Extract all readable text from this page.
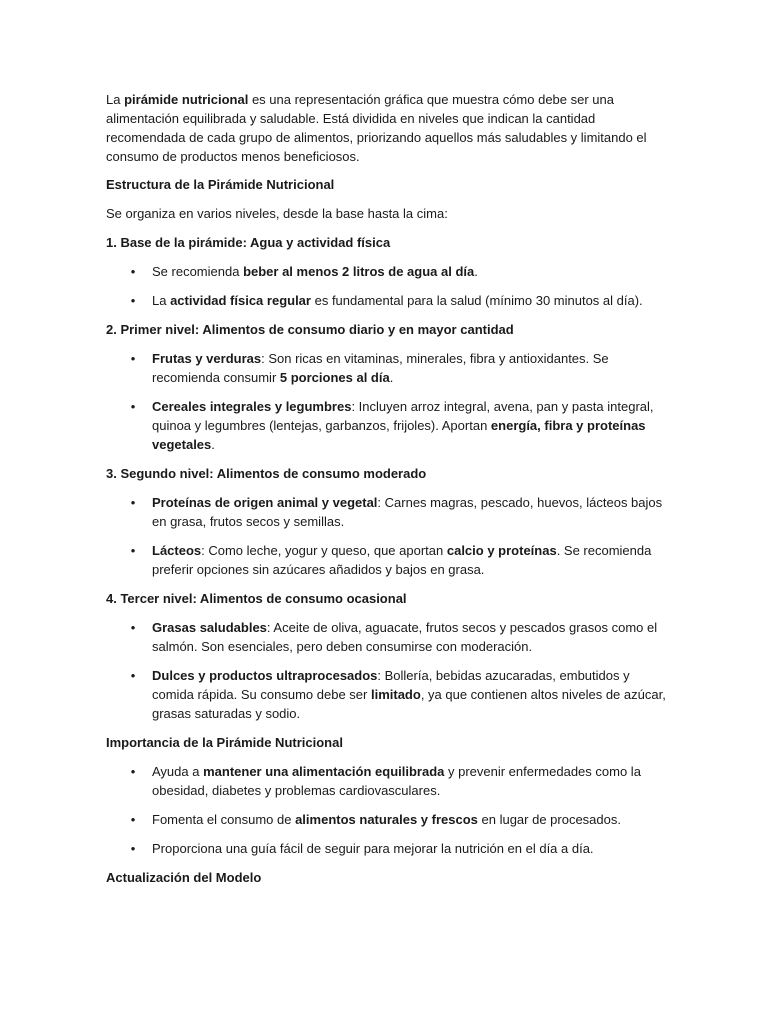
La pirámide nutricional es una representación gráfica que muestra cómo debe ser una alimentación equilibrada y saludable. Está dividida en niveles que indican la cantidad recomendada de cada grupo de alimentos, priorizando aquellos más saludables y limitando el consumo de productos menos beneficiosos.

Estructura de la Pirámide Nutricional

Se organiza en varios niveles, desde la base hasta la cima:

1. Base de la pirámide: Agua y actividad física

• Se recomienda beber al menos 2 litros de agua al día.
• La actividad física regular es fundamental para la salud (mínimo 30 minutos al día).

2. Primer nivel: Alimentos de consumo diario y en mayor cantidad

• Frutas y verduras: Son ricas en vitaminas, minerales, fibra y antioxidantes. Se recomienda consumir 5 porciones al día.
• Cereales integrales y legumbres: Incluyen arroz integral, avena, pan y pasta integral, quinoa y legumbres (lentejas, garbanzos, frijoles). Aportan energía, fibra y proteínas vegetales.

3. Segundo nivel: Alimentos de consumo moderado

• Proteínas de origen animal y vegetal: Carnes magras, pescado, huevos, lácteos bajos en grasa, frutos secos y semillas.
• Lácteos: Como leche, yogur y queso, que aportan calcio y proteínas. Se recomienda preferir opciones sin azúcares añadidos y bajos en grasa.

4. Tercer nivel: Alimentos de consumo ocasional

• Grasas saludables: Aceite de oliva, aguacate, frutos secos y pescados grasos como el salmón. Son esenciales, pero deben consumirse con moderación.
• Dulces y productos ultraprocesados: Bollería, bebidas azucaradas, embutidos y comida rápida. Su consumo debe ser limitado, ya que contienen altos niveles de azúcar, grasas saturadas y sodio.

Importancia de la Pirámide Nutricional

• Ayuda a mantener una alimentación equilibrada y prevenir enfermedades como la obesidad, diabetes y problemas cardiovasculares.
• Fomenta el consumo de alimentos naturales y frescos en lugar de procesados.
• Proporciona una guía fácil de seguir para mejorar la nutrición en el día a día.

Actualización del Modelo
